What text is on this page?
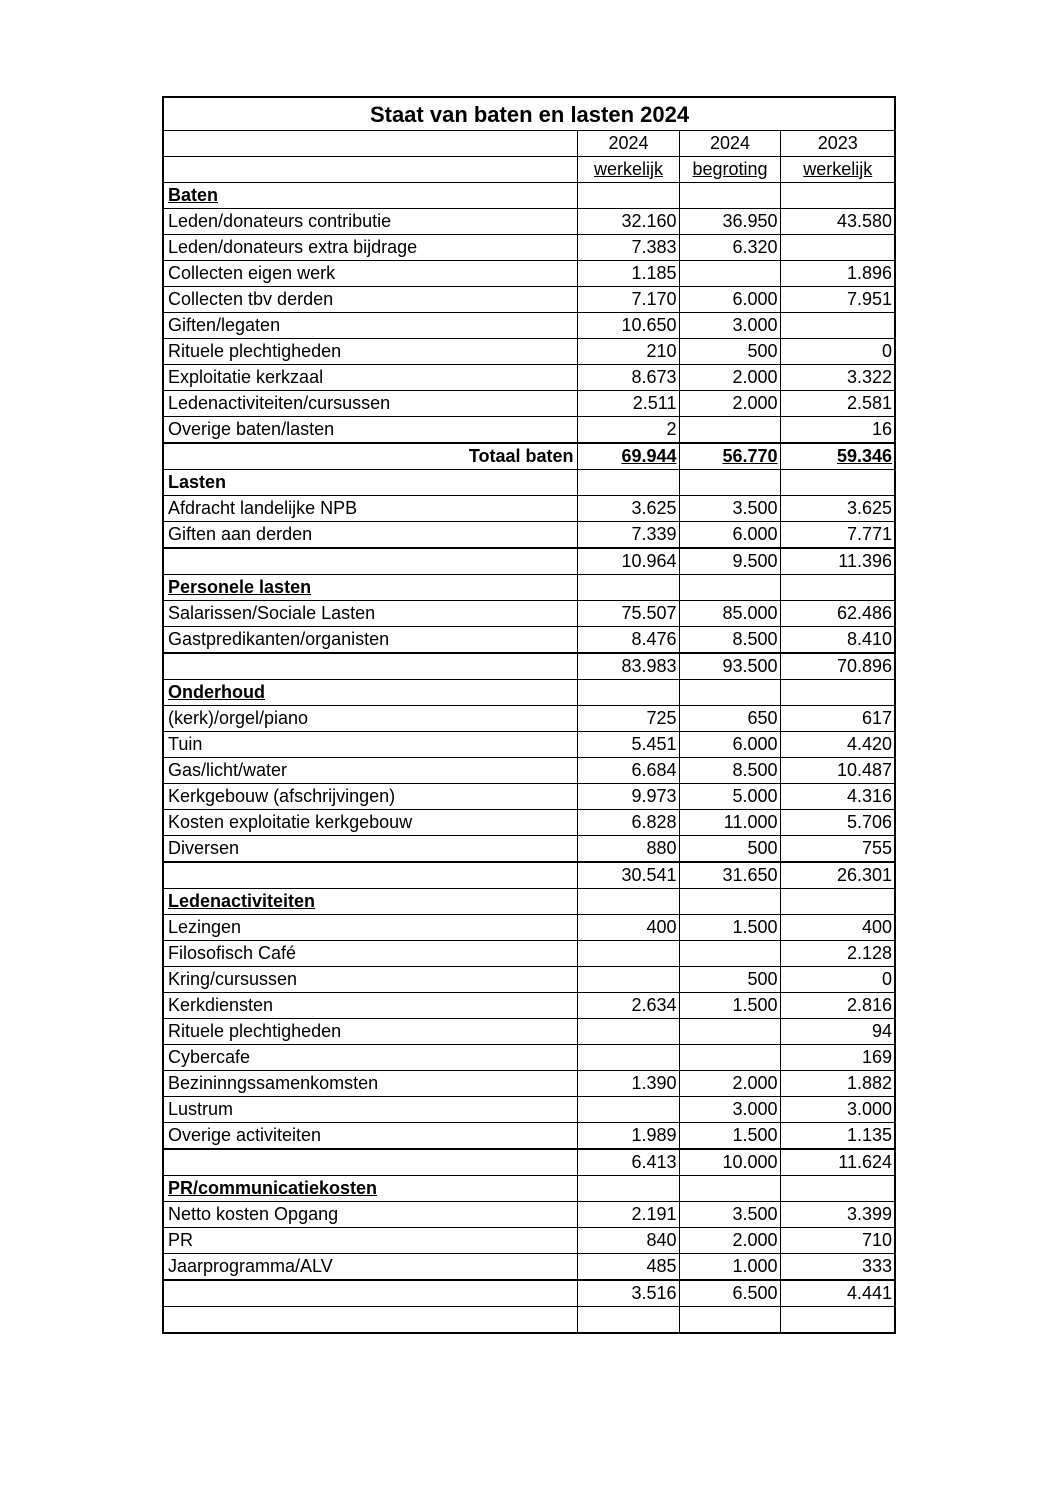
Staat van baten en lasten 2024			
	2024	2024	2023
	werkelijk	begroting	werkelijk
Baten			
Leden/donateurs contributie	32.160	36.950	43.580
Leden/donateurs extra bijdrage	7.383	6.320	
Collecten eigen werk	1.185		1.896
Collecten tbv derden	7.170	6.000	7.951
Giften/legaten	10.650	3.000	
Rituele plechtigheden	210	500	0
Exploitatie kerkzaal	8.673	2.000	3.322
Ledenactiviteiten/cursussen	2.511	2.000	2.581
Overige baten/lasten	2		16
Totaal baten	69.944	56.770	59.346
Lasten			
Afdracht landelijke NPB	3.625	3.500	3.625
Giften aan derden	7.339	6.000	7.771
	10.964	9.500	11.396
Personele lasten			
Salarissen/Sociale Lasten	75.507	85.000	62.486
Gastpredikanten/organisten	8.476	8.500	8.410
	83.983	93.500	70.896
Onderhoud			
(kerk)/orgel/piano	725	650	617
Tuin	5.451	6.000	4.420
Gas/licht/water	6.684	8.500	10.487
Kerkgebouw (afschrijvingen)	9.973	5.000	4.316
Kosten exploitatie kerkgebouw	6.828	11.000	5.706
Diversen	880	500	755
	30.541	31.650	26.301
Ledenactiviteiten			
Lezingen	400	1.500	400
Filosofisch Café			2.128
Kring/cursussen		500	0
Kerkdiensten	2.634	1.500	2.816
Rituele plechtigheden			94
Cybercafe			169
Bezininngssamenkomsten	1.390	2.000	1.882
Lustrum		3.000	3.000
Overige activiteiten	1.989	1.500	1.135
	6.413	10.000	11.624
PR/communicatiekosten			
Netto kosten Opgang	2.191	3.500	3.399
PR	840	2.000	710
Jaarprogramma/ALV	485	1.000	333
	3.516	6.500	4.441
